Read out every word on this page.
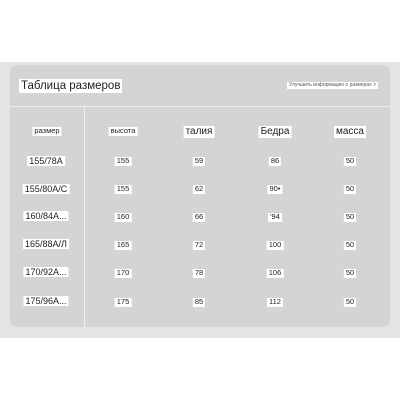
Таблица размеров	Улучшить информацию о размерах >
размер	высота	талия	Бедра	масса
155/78А	155	59	86	50
155/80A/C	155	62	90•	50
160/84A...	160	66	'94	50
165/88А/Л	165	72	100	50
170/92A...	170	78	106	50
175/96A...	175	85	112	50
